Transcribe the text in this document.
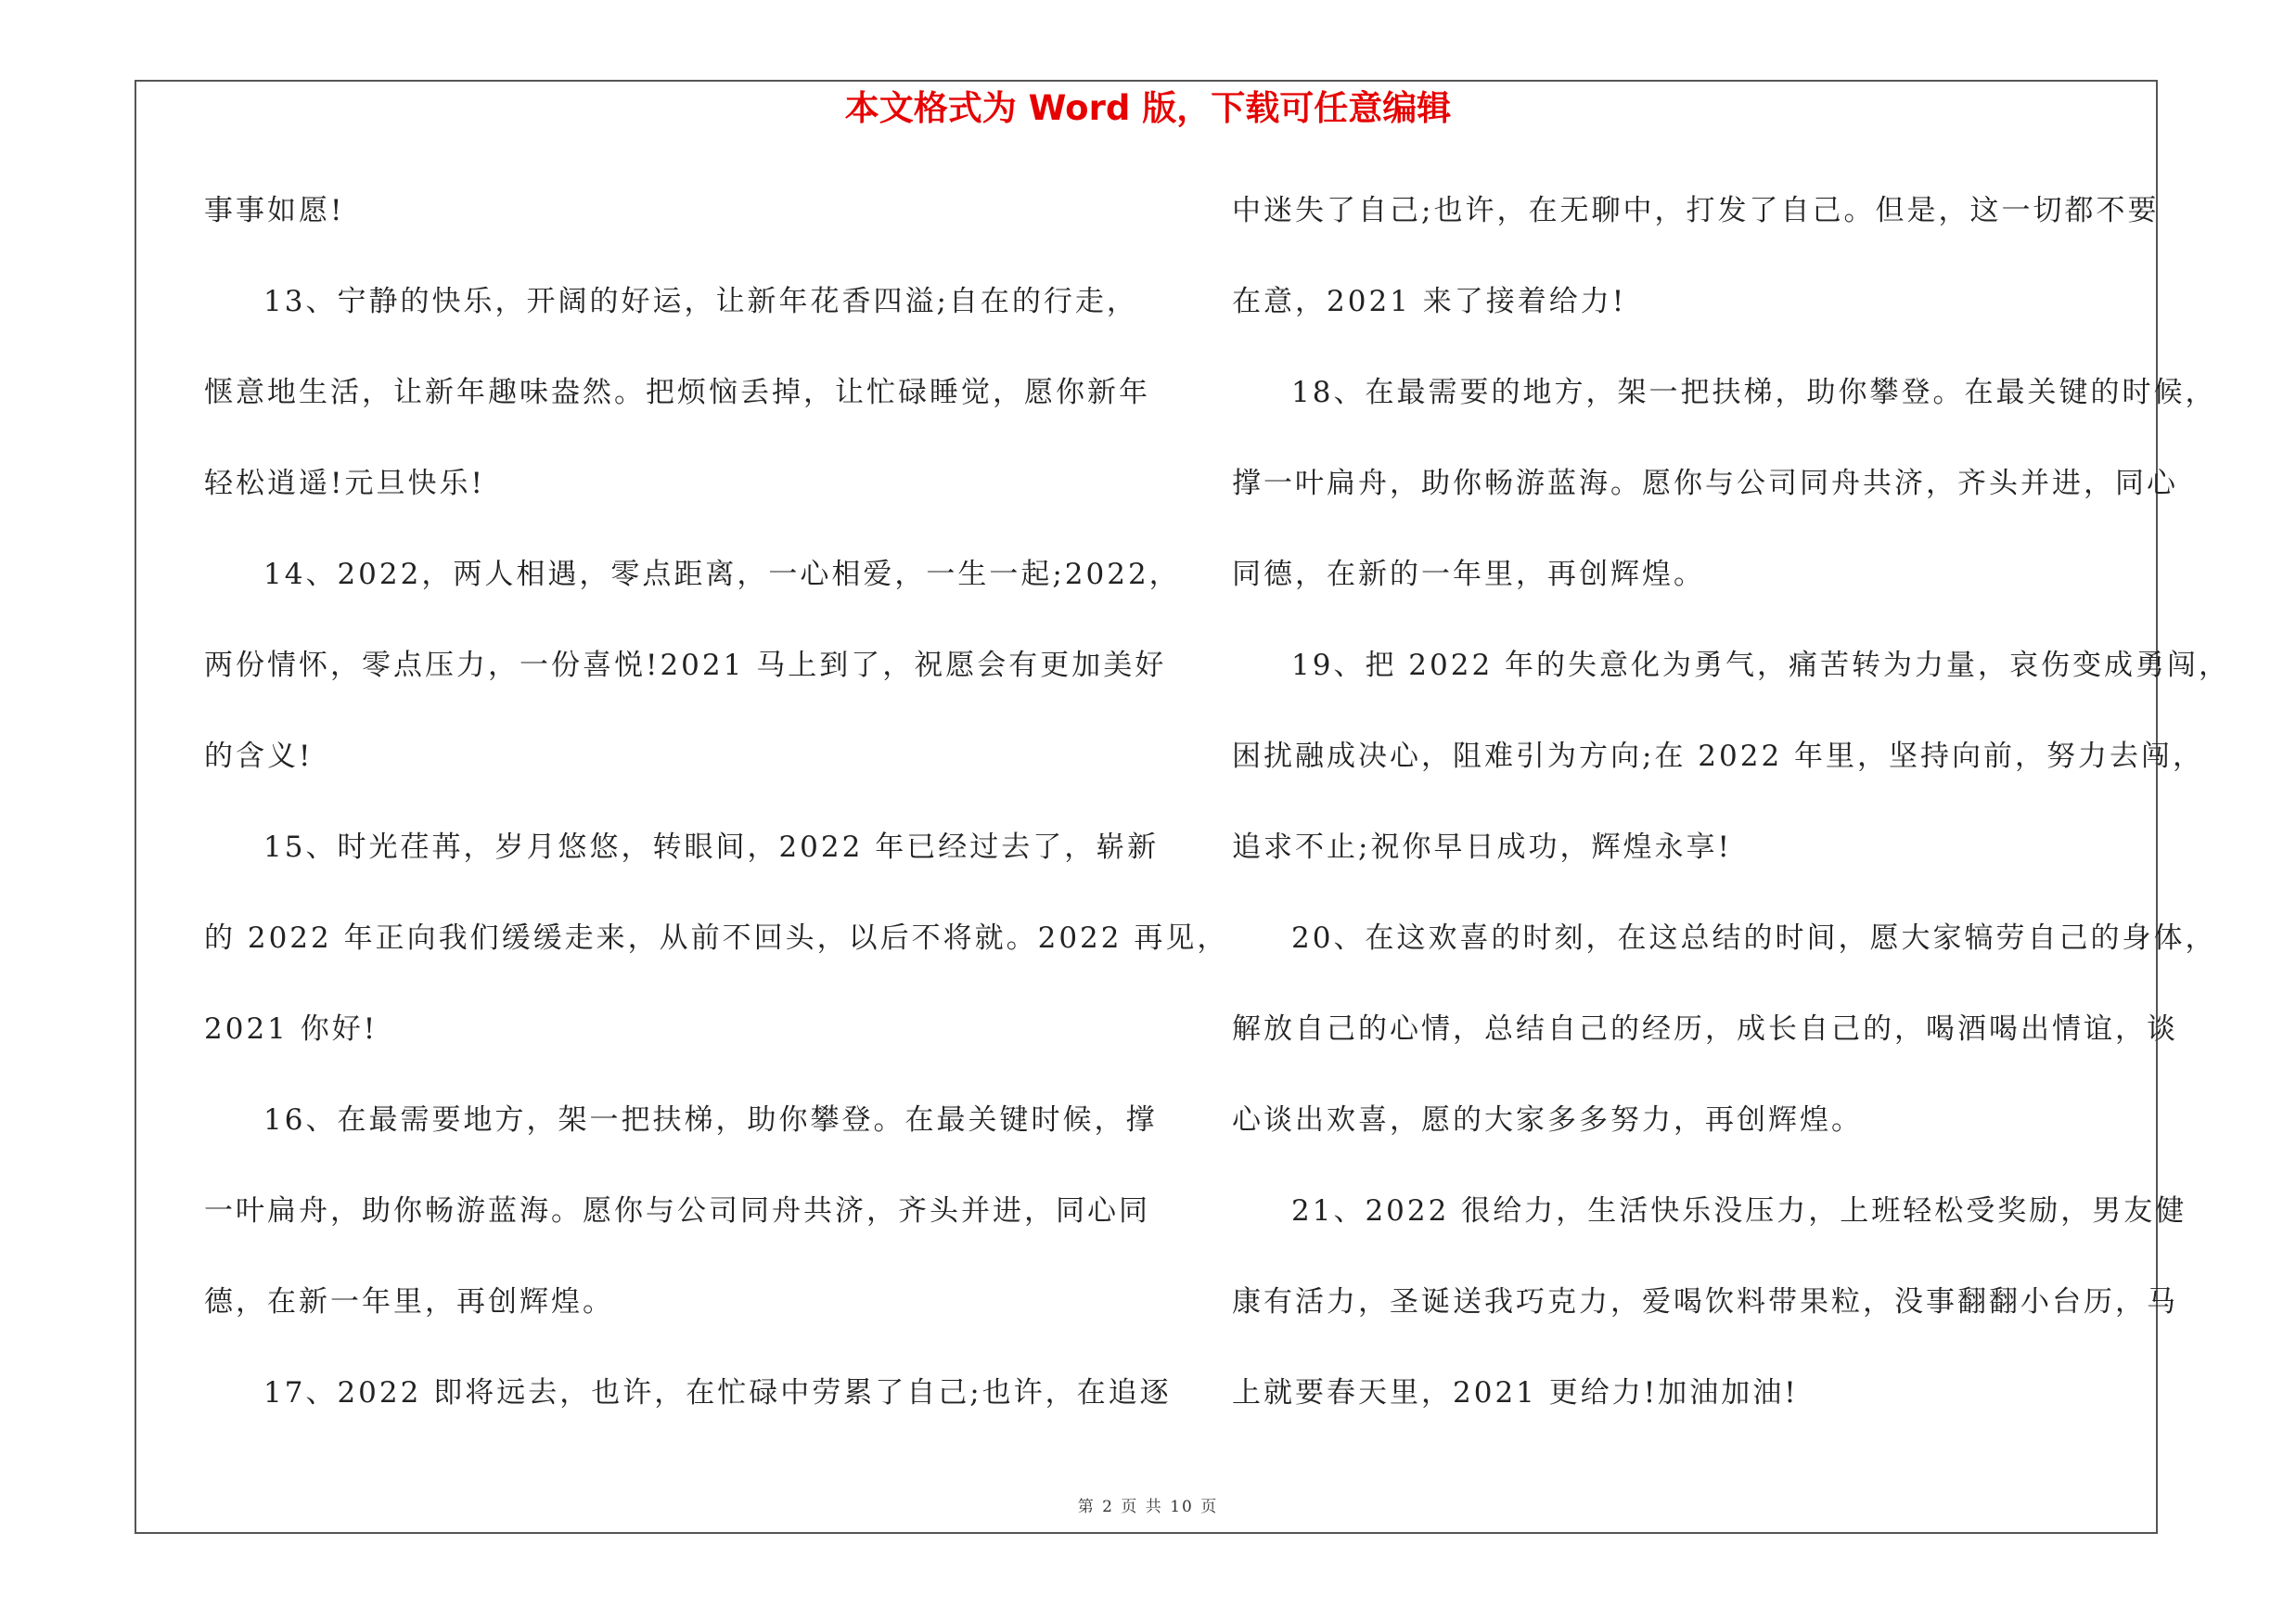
本文格式为 Word 版，下载可任意编辑
事事如愿!
13、宁静的快乐，开阔的好运，让新年花香四溢;自在的行走，
惬意地生活，让新年趣味盎然。把烦恼丢掉，让忙碌睡觉，愿你新年
轻松逍遥!元旦快乐!
14、2022，两人相遇，零点距离，一心相爱，一生一起;2022，
两份情怀，零点压力，一份喜悦!2021 马上到了，祝愿会有更加美好
的含义!
15、时光荏苒，岁月悠悠，转眼间，2022 年已经过去了，崭新
的 2022 年正向我们缓缓走来，从前不回头，以后不将就。2022 再见，
2021 你好!
16、在最需要地方，架一把扶梯，助你攀登。在最关键时候，撑
一叶扁舟，助你畅游蓝海。愿你与公司同舟共济，齐头并进，同心同
德，在新一年里，再创辉煌。
17、2022 即将远去，也许，在忙碌中劳累了自己;也许，在追逐
中迷失了自己;也许，在无聊中，打发了自己。但是，这一切都不要
在意，2021 来了接着给力!
18、在最需要的地方，架一把扶梯，助你攀登。在最关键的时候，
撑一叶扁舟，助你畅游蓝海。愿你与公司同舟共济，齐头并进，同心
同德，在新的一年里，再创辉煌。
19、把 2022 年的失意化为勇气，痛苦转为力量，哀伤变成勇闯，
困扰融成决心，阻难引为方向;在 2022 年里，坚持向前，努力去闯，
追求不止;祝你早日成功，辉煌永享!
20、在这欢喜的时刻，在这总结的时间，愿大家犒劳自己的身体，
解放自己的心情，总结自己的经历，成长自己的，喝酒喝出情谊，谈
心谈出欢喜，愿的大家多多努力，再创辉煌。
21、2022 很给力，生活快乐没压力，上班轻松受奖励，男友健
康有活力，圣诞送我巧克力，爱喝饮料带果粒，没事翻翻小台历，马
上就要春天里，2021 更给力!加油加油!
第 2 页 共 10 页
